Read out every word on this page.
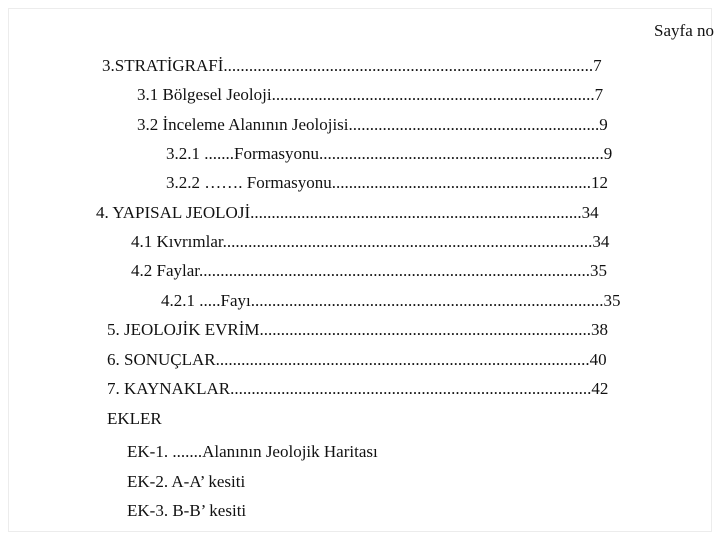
Sayfa no
3.STRATİGRAFİ.......................................................................................7
3.1 Bölgesel Jeoloji............................................................................7
3.2 İnceleme Alanının Jeolojisi...........................................................9
3.2.1 .......Formasyonu...................................................................9
3.2.2 ……. Formasyonu.............................................................12
4. YAPISAL JEOLOJİ..............................................................................34
4.1 Kıvrımlar.......................................................................................34
4.2 Faylar............................................................................................35
4.2.1 .....Fayı...................................................................................35
5. JEOLOJİK EVRİM..............................................................................38
6. SONUÇLAR........................................................................................40
7. KAYNAKLAR.....................................................................................42
EKLER
EK-1. .......Alanının Jeolojik Haritası
EK-2. A-A’ kesiti
EK-3. B-B’ kesiti
